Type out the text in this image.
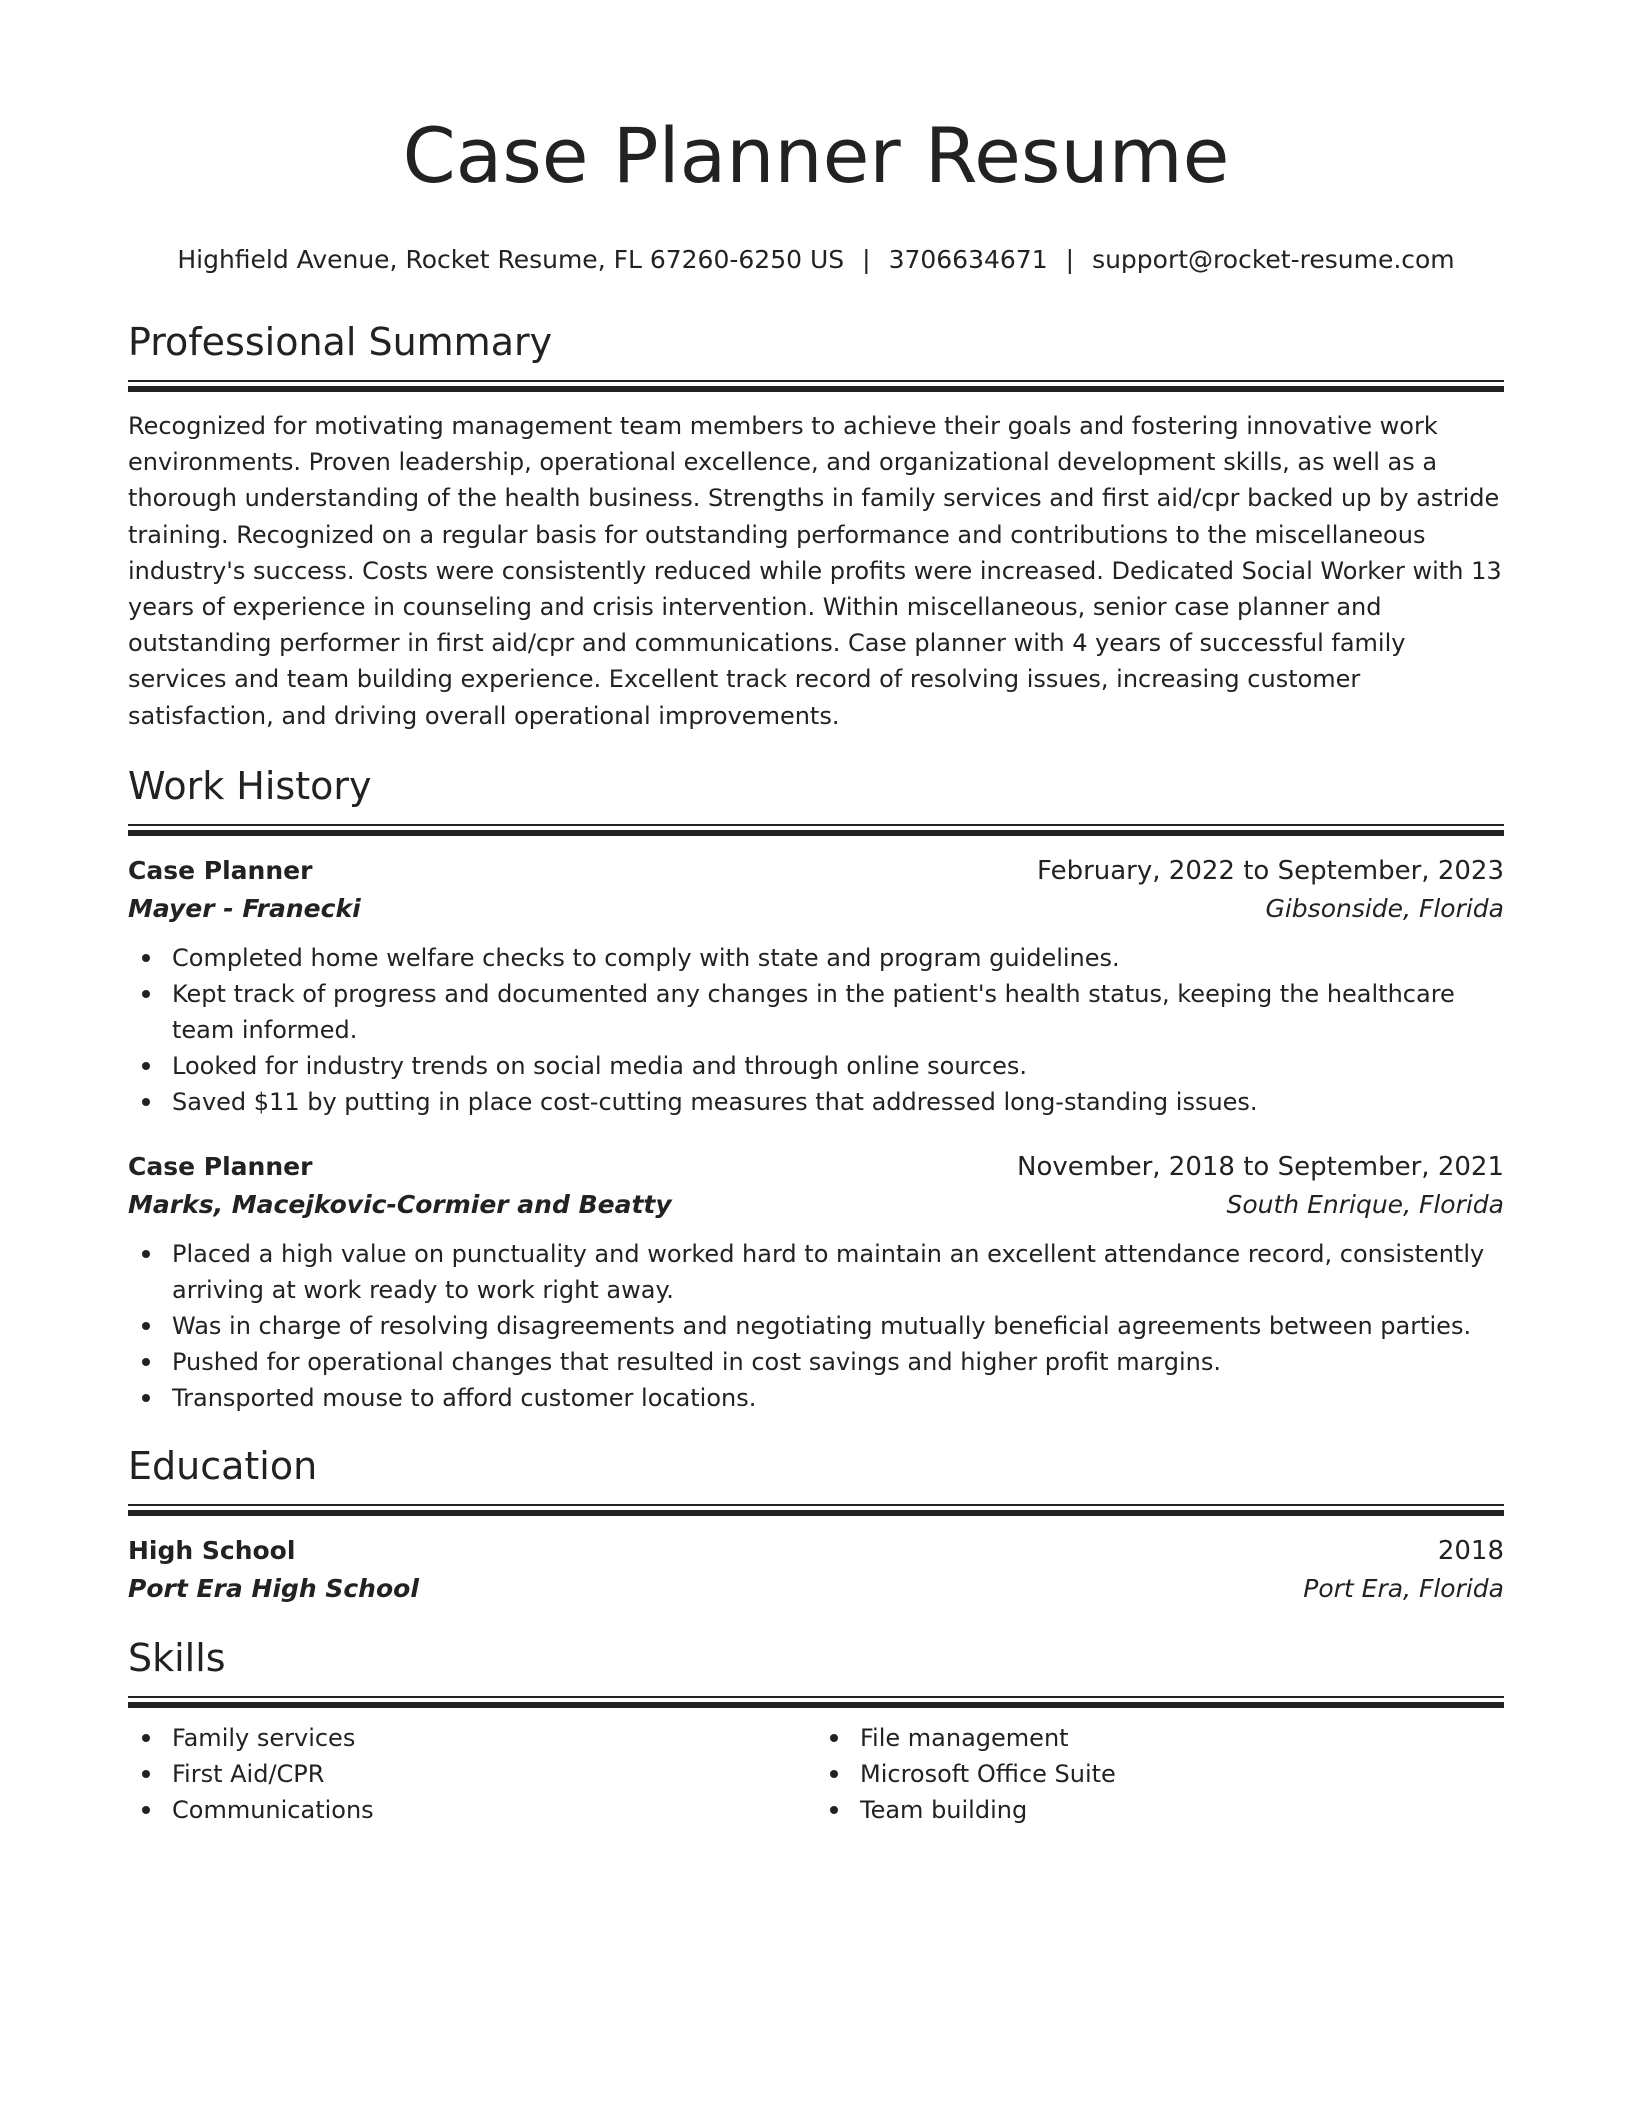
Case Planner Resume
Highfield Avenue, Rocket Resume, FL 67260-6250 US | 3706634671 | support@rocket-resume.com
Professional Summary
Recognized for motivating management team members to achieve their goals and fostering innovative work environments. Proven leadership, operational excellence, and organizational development skills, as well as a thorough understanding of the health business. Strengths in family services and first aid/cpr backed up by astride training. Recognized on a regular basis for outstanding performance and contributions to the miscellaneous industry's success. Costs were consistently reduced while profits were increased. Dedicated Social Worker with 13 years of experience in counseling and crisis intervention. Within miscellaneous, senior case planner and outstanding performer in first aid/cpr and communications. Case planner with 4 years of successful family services and team building experience. Excellent track record of resolving issues, increasing customer satisfaction, and driving overall operational improvements.
Work History
Case Planner	February, 2022 to September, 2023
Mayer - Franecki	Gibsonside, Florida
Completed home welfare checks to comply with state and program guidelines.
Kept track of progress and documented any changes in the patient's health status, keeping the healthcare team informed.
Looked for industry trends on social media and through online sources.
Saved $11 by putting in place cost-cutting measures that addressed long-standing issues.
Case Planner	November, 2018 to September, 2021
Marks, Macejkovic-Cormier and Beatty	South Enrique, Florida
Placed a high value on punctuality and worked hard to maintain an excellent attendance record, consistently arriving at work ready to work right away.
Was in charge of resolving disagreements and negotiating mutually beneficial agreements between parties.
Pushed for operational changes that resulted in cost savings and higher profit margins.
Transported mouse to afford customer locations.
Education
High School	2018
Port Era High School	Port Era, Florida
Skills
Family services
First Aid/CPR
Communications
File management
Microsoft Office Suite
Team building
